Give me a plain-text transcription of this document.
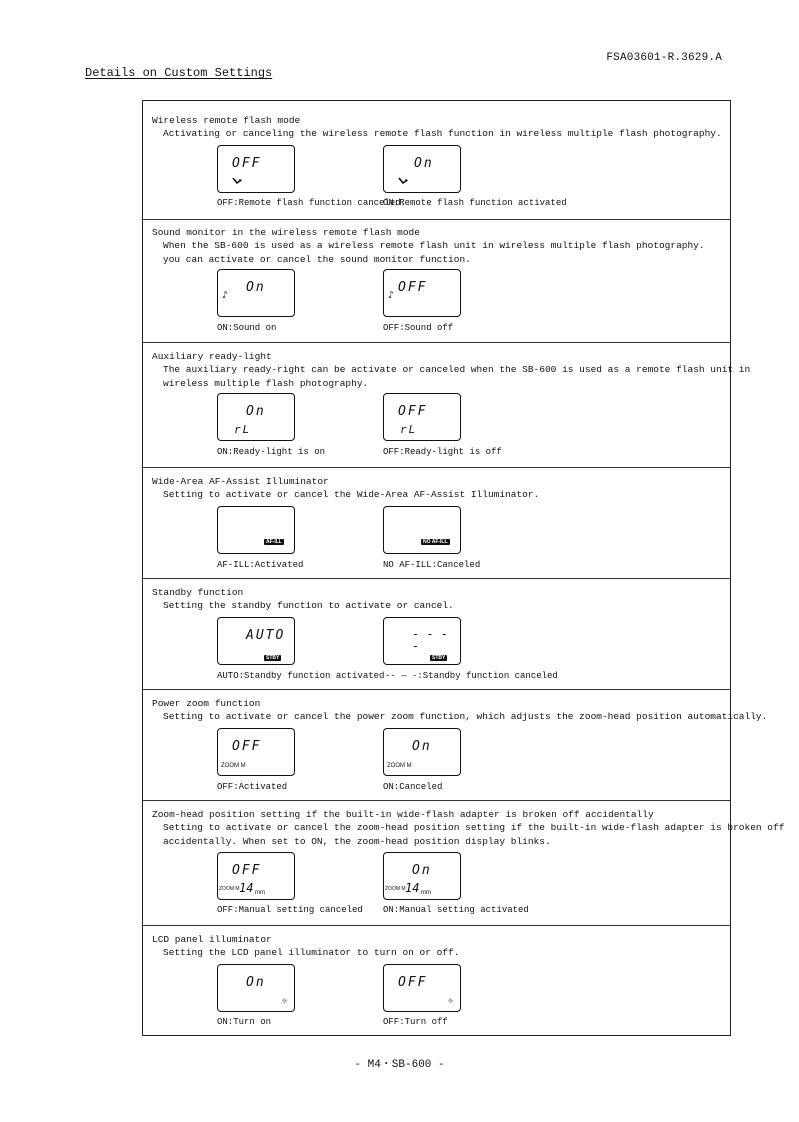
FSA03601-R.3629.A
Details on Custom Settings
Wireless remote flash mode
Activating or canceling the wireless remote flash function in wireless multiple flash photography.
OFF	On
OFF:Remote flash function canceled.
ON:Remote flash function activated
Sound monitor in the wireless remote flash mode
When the SB-600 is used as a wireless remote flash unit in wireless multiple flash photography.
you can activate or cancel the sound monitor function.
On
♪
OFF
♪
ON:Sound on	OFF:Sound off
Auxiliary ready-light
The auxiliary ready-right can be activate or canceled when the SB-600 is used as a remote flash unit in
wireless multiple flash photography.
On
rL
OFF
rL
ON:Ready-light is on	OFF:Ready-light is off
Wide-Area AF-Assist Illuminator
Setting to activate or cancel the Wide-Area AF-Assist Illuminator.
AF-ILL	NO AF-ILL
AF-ILL:Activated	NO AF-ILL:Canceled
Standby function
Setting the standby function to activate or cancel.
AUTO
STBY
- - - -
STBY
AUTO:Standby function activated -- — -:Standby function canceled
Power zoom function
Setting to activate or cancel the power zoom function, which adjusts the zoom-head position automatically.
OFF
ZOOM M
On
ZOOM M
OFF:Activated	ON:Canceled
Zoom-head position setting if the built-in wide-flash adapter is broken off accidentally
Setting to activate or cancel the zoom-head position setting if the built-in wide-flash adapter is broken off
accidentally. When set to ON, the zoom-head position display blinks.
OFF
ZOOM M 14 mm
On
ZOOM M 14 mm
OFF:Manual setting canceled ON:Manual setting activated
LCD panel illuminator
Setting the LCD panel illuminator to turn on or off.
On
☼
OFF
☼
ON:Turn on	OFF:Turn off
- M4・SB-600 -
